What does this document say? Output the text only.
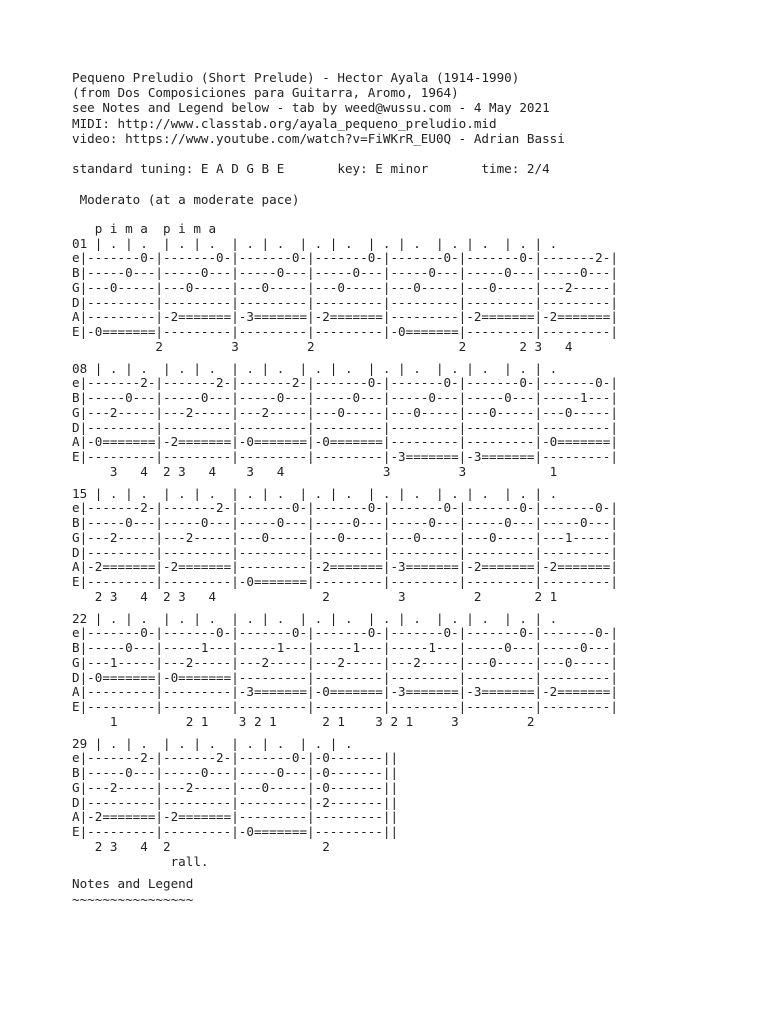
Pequeno Preludio (Short Prelude) - Hector Ayala (1914-1990)
(from Dos Composiciones para Guitarra, Aromo, 1964)
see Notes and Legend below - tab by weed@wussu.com - 4 May 2021
MIDI: http://www.classtab.org/ayala_pequeno_preludio.mid
video: https://www.youtube.com/watch?v=FiWKrR_EU0Q - Adrian Bassi
standard tuning: E A D G B E       key: E minor       time: 2/4
Moderato (at a moderate pace)
p i m a  p i m a
01 | . | .  | . | .  | . | .  | . | .  | . | .  | . | .  | . | .
e|-------0-|-------0-|-------0-|-------0-|-------0-|-------0-|-------2-|
B|-----0---|-----0---|-----0---|-----0---|-----0---|-----0---|-----0---|
G|---0-----|---0-----|---0-----|---0-----|---0-----|---0-----|---2-----|
D|---------|---------|---------|---------|---------|---------|---------|
A|---------|-2=======|-3=======|-2=======|---------|-2=======|-2=======|
E|-0=======|---------|---------|---------|-0=======|---------|---------|
2         3         2                   2       2 3   4
08 | . | .  | . | .  | . | .  | . | .  | . | .  | . | .  | . | .
e|-------2-|-------2-|-------2-|-------0-|-------0-|-------0-|-------0-|
B|-----0---|-----0---|-----0---|-----0---|-----0---|-----0---|-----1---|
G|---2-----|---2-----|---2-----|---0-----|---0-----|---0-----|---0-----|
D|---------|---------|---------|---------|---------|---------|---------|
A|-0=======|-2=======|-0=======|-0=======|---------|---------|-0=======|
E|---------|---------|---------|---------|-3=======|-3=======|---------|
3   4  2 3   4    3   4             3         3           1
15 | . | .  | . | .  | . | .  | . | .  | . | .  | . | .  | . | .
e|-------2-|-------2-|-------0-|-------0-|-------0-|-------0-|-------0-|
B|-----0---|-----0---|-----0---|-----0---|-----0---|-----0---|-----0---|
G|---2-----|---2-----|---0-----|---0-----|---0-----|---0-----|---1-----|
D|---------|---------|---------|---------|---------|---------|---------|
A|-2=======|-2=======|---------|-2=======|-3=======|-2=======|-2=======|
E|---------|---------|-0=======|---------|---------|---------|---------|
2 3   4  2 3   4              2         3         2       2 1
22 | . | .  | . | .  | . | .  | . | .  | . | .  | . | .  | . | .
e|-------0-|-------0-|-------0-|-------0-|-------0-|-------0-|-------0-|
B|-----0---|-----1---|-----1---|-----1---|-----1---|-----0---|-----0---|
G|---1-----|---2-----|---2-----|---2-----|---2-----|---0-----|---0-----|
D|-0=======|-0=======|---------|---------|---------|---------|---------|
A|---------|---------|-3=======|-0=======|-3=======|-3=======|-2=======|
E|---------|---------|---------|---------|---------|---------|---------|
1         2 1    3 2 1      2 1    3 2 1     3         2
29 | . | .  | . | .  | . | .  | . | .
e|-------2-|-------2-|-------0-|-0-------||
B|-----0---|-----0---|-----0---|-0-------||
G|---2-----|---2-----|---0-----|-0-------||
D|---------|---------|---------|-2-------||
A|-2=======|-2=======|---------|---------||
E|---------|---------|-0=======|---------||
2 3   4  2                    2
rall.
Notes and Legend
~~~~~~~~~~~~~~~~
